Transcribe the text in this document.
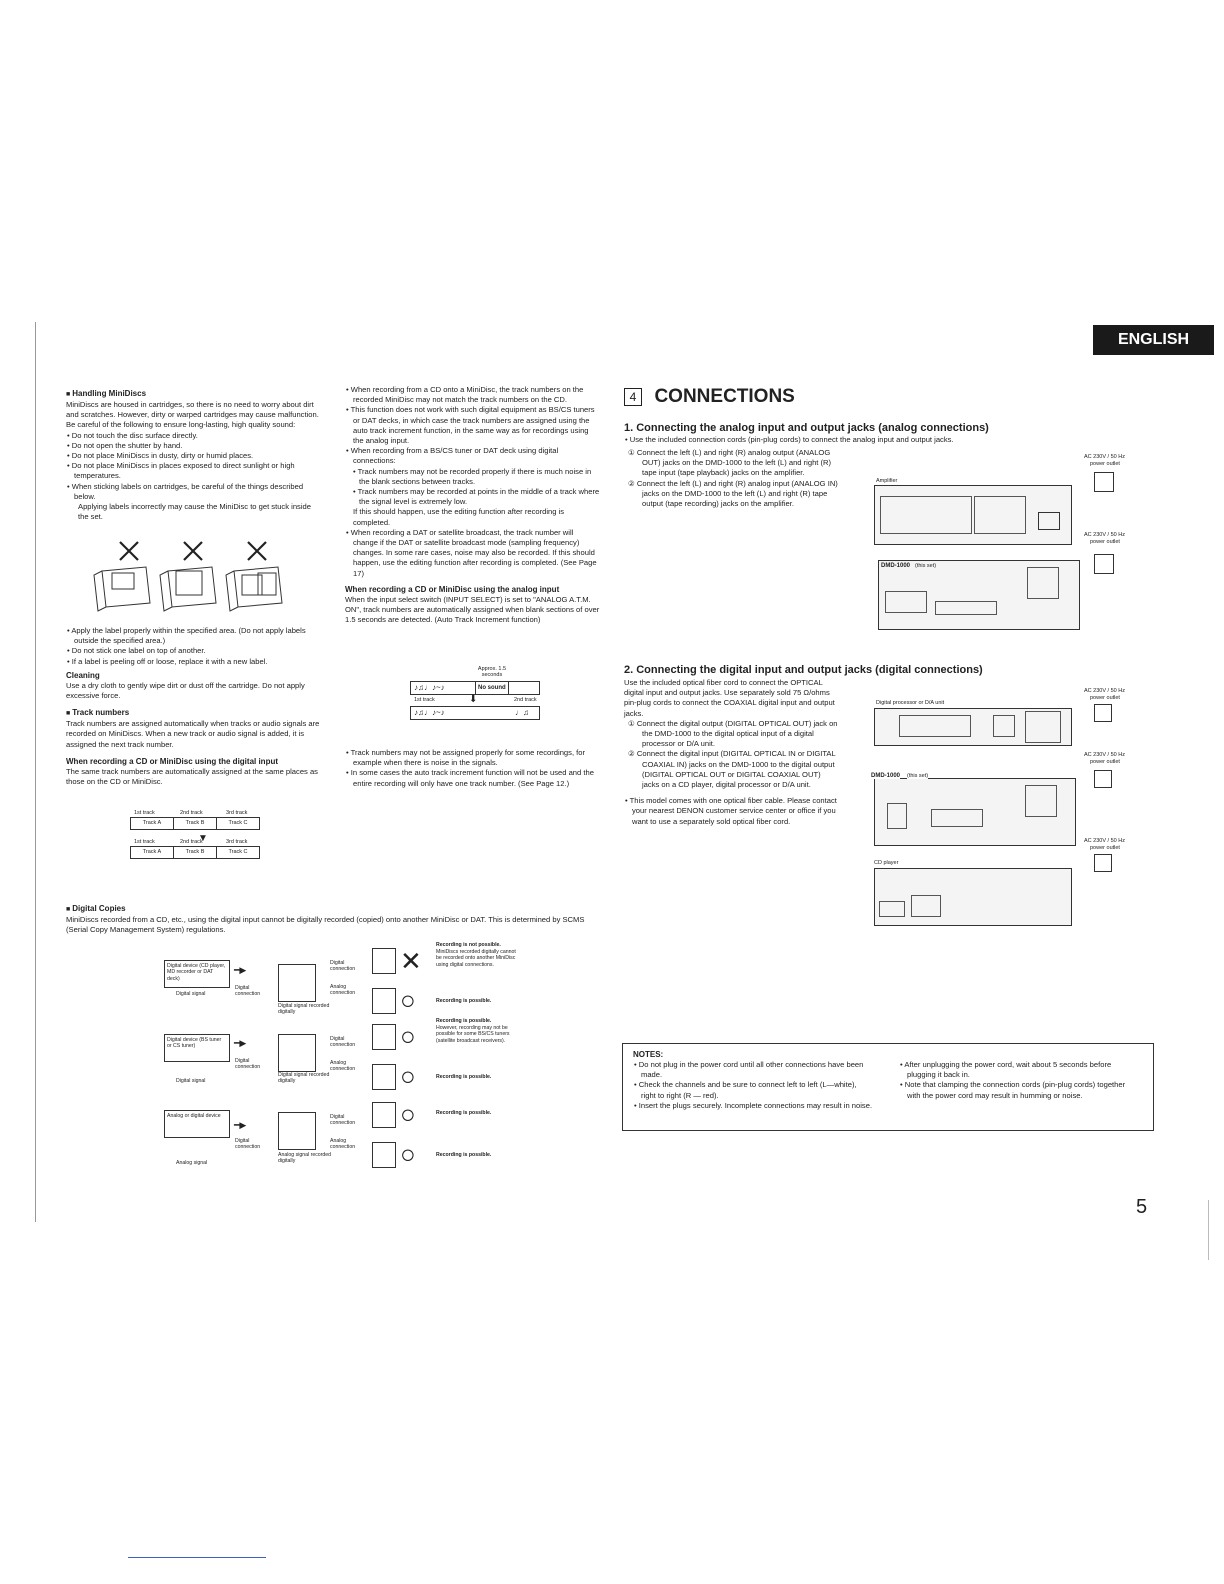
ENGLISH

■ Handling MiniDiscs

MiniDiscs are housed in cartridges, so there is no need to worry about dirt and scratches. However, dirty or warped cartridges may cause malfunction. Be careful of the following to ensure long-lasting, high quality sound:

• Do not touch the disc surface directly.

• Do not open the shutter by hand.

• Do not place MiniDiscs in dusty, dirty or humid places.

• Do not place MiniDiscs in places exposed to direct sunlight or high temperatures.

• When sticking labels on cartridges, be careful of the things described below.

Applying labels incorrectly may cause the MiniDisc to get stuck inside the set.

• Apply the label properly within the specified area. (Do not apply labels outside the specified area.)

• Do not stick one label on top of another.

• If a label is peeling off or loose, replace it with a new label.

Cleaning

Use a dry cloth to gently wipe dirt or dust off the cartridge. Do not apply excessive force.

■ Track numbers

Track numbers are assigned automatically when tracks or audio signals are recorded on MiniDiscs. When a new track or audio signal is added, it is assigned the next track number.

When recording a CD or MiniDisc using the digital input

The same track numbers are automatically assigned at the same places as those on the CD or MiniDisc.

1st track	2nd track	3rd track
Track A	Track B	Track C
▼
1st track	2nd track	3rd track
Track A	Track B	Track C

■ Digital Copies

MiniDiscs recorded from a CD, etc., using the digital input cannot be digitally recorded (copied) onto another MiniDisc or DAT. This is determined by SCMS (Serial Copy Management System) regulations.

Digital device (CD player, MD recorder or DAT deck)
Digital signal
━▶
Digital connection
Digital signal recorded digitally
Digital connection
Analog connection
✕
○
Recording is not possible.
MiniDiscs recorded digitally cannot be recorded onto another MiniDisc using digital connections.
Recording is possible.
Digital device (BS tuner or CS tuner)
Digital signal
━▶
Digital connection
Digital signal recorded digitally
Digital connection
Analog connection
○
○
Recording is possible.
However, recording may not be possible for some BS/CS tuners (satellite broadcast receivers).
Recording is possible.
Analog or digital device
Analog signal
━▶
Digital connection
Analog signal recorded digitally
Digital connection
Analog connection
○
○
Recording is possible.
Recording is possible.

• When recording from a CD onto a MiniDisc, the track numbers on the recorded MiniDisc may not match the track numbers on the CD.

• This function does not work with such digital equipment as BS/CS tuners or DAT decks, in which case the track numbers are assigned using the auto track increment function, in the same way as for recordings using the analog input.

• When recording from a BS/CS tuner or DAT deck using digital connections:

• Track numbers may not be recorded properly if there is much noise in the blank sections between tracks.

• Track numbers may be recorded at points in the middle of a track where the signal level is extremely low.

If this should happen, use the editing function after recording is completed.

• When recording a DAT or satellite broadcast, the track number will change if the DAT or satellite broadcast mode (sampling frequency) changes. In some rare cases, noise may also be recorded. If this should happen, use the editing function after recording is completed. (See Page 17)

When recording a CD or MiniDisc using the analog input

When the input select switch (INPUT SELECT) is set to "ANALOG A.T.M. ON", track numbers are automatically assigned when blank sections of over 1.5 seconds are detected. (Auto Track Increment function)

Approx. 1.5 seconds
♪♫♩♪~♪	No sound
⬇
1st track	2nd track
♪♫♩♪~♪	♩♫

• Track numbers may not be assigned properly for some recordings, for example when there is noise in the signals.

• In some cases the auto track increment function will not be used and the entire recording will only have one track number. (See Page 12.)

4 CONNECTIONS

1. Connecting the analog input and output jacks (analog connections)

• Use the included connection cords (pin-plug cords) to connect the analog input and output jacks.

① Connect the left (L) and right (R) analog output (ANALOG OUT) jacks on the DMD-1000 to the left (L) and right (R) tape input (tape playback) jacks on the amplifier.

② Connect the left (L) and right (R) analog input (ANALOG IN) jacks on the DMD-1000 to the left (L) and right (R) tape output (tape recording) jacks on the amplifier.

AC 230V / 50 Hz
power outlet
Amplifier
AC 230V / 50 Hz
power outlet
DMD-1000 (this set)

2. Connecting the digital input and output jacks (digital connections)

Use the included optical fiber cord to connect the OPTICAL digital input and output jacks. Use separately sold 75 Ω/ohms pin-plug cords to connect the COAXIAL digital input and output jacks.

① Connect the digital output (DIGITAL OPTICAL OUT) jack on the DMD-1000 to the digital optical input of a digital processor or D/A unit.

② Connect the digital input (DIGITAL OPTICAL IN or DIGITAL COAXIAL IN) jacks on the DMD-1000 to the digital output (DIGITAL OPTICAL OUT or DIGITAL COAXIAL OUT) jacks on a CD player, digital processor or D/A unit.

• This model comes with one optical fiber cable. Please contact your nearest DENON customer service center or office if you want to use a separately sold optical fiber cord.

AC 230V / 50 Hz
power outlet
Digital processor or D/A unit
AC 230V / 50 Hz
power outlet
DMD-1000 (this set)
AC 230V / 50 Hz
power outlet
CD player

NOTES:

• Do not plug in the power cord until all other connections have been made.

• Check the channels and be sure to connect left to left (L—white), right to right (R — red).

• Insert the plugs securely. Incomplete connections may result in noise.

• After unplugging the power cord, wait about 5 seconds before plugging it back in.

• Note that clamping the connection cords (pin-plug cords) together with the power cord may result in humming or noise.

5
